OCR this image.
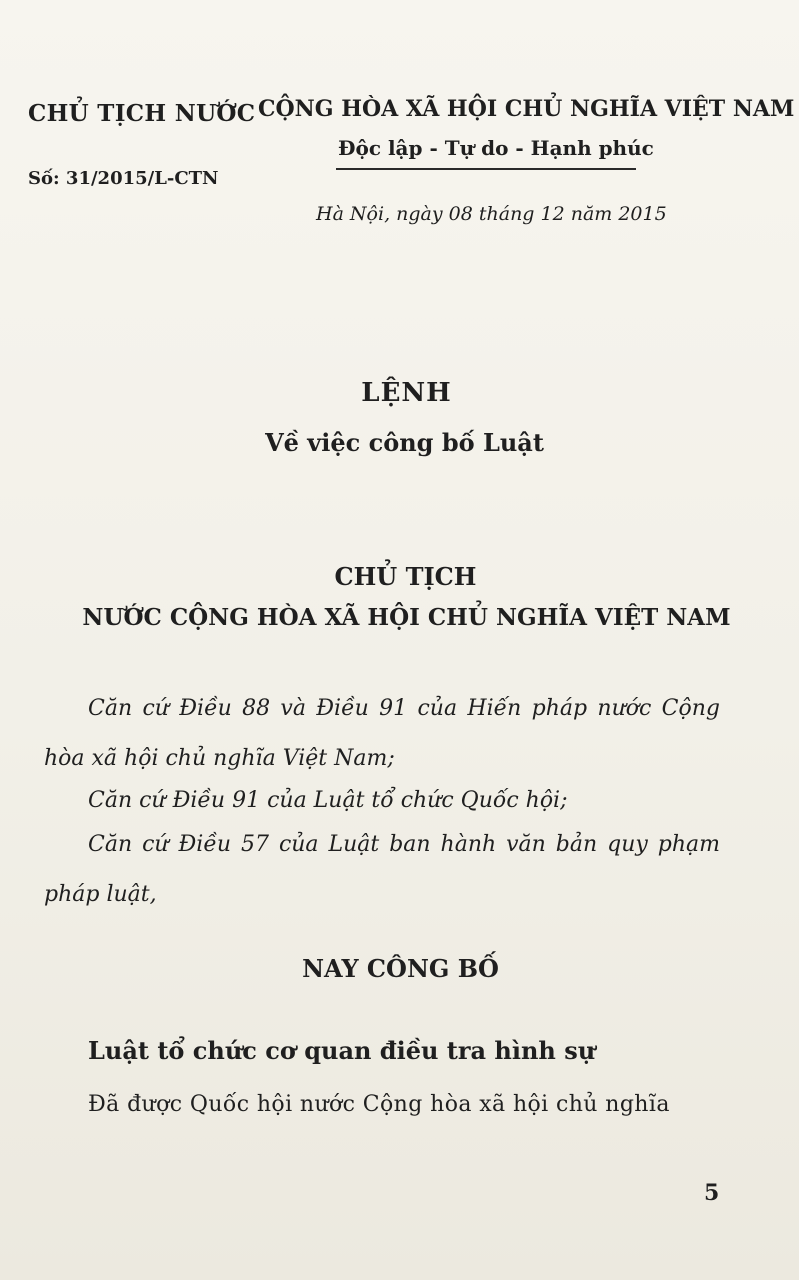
CHỦ TỊCH NƯỚC
Số: 31/2015/L-CTN
CỘNG HÒA XÃ HỘI CHỦ NGHĨA VIỆT NAM
Độc lập - Tự do - Hạnh phúc
Hà Nội, ngày 08 tháng 12 năm 2015
LỆNH
Về việc công bố Luật
CHỦ TỊCH
NƯỚC CỘNG HÒA XÃ HỘI CHỦ NGHĨA VIỆT NAM
Căn cứ Điều 88 và Điều 91 của Hiến pháp nước Cộng hòa xã hội chủ nghĩa Việt Nam;
Căn cứ Điều 91 của Luật tổ chức Quốc hội;
Căn cứ Điều 57 của Luật ban hành văn bản quy phạm pháp luật,
NAY CÔNG BỐ
Luật tổ chức cơ quan điều tra hình sự
Đã được Quốc hội nước Cộng hòa xã hội chủ nghĩa
5
